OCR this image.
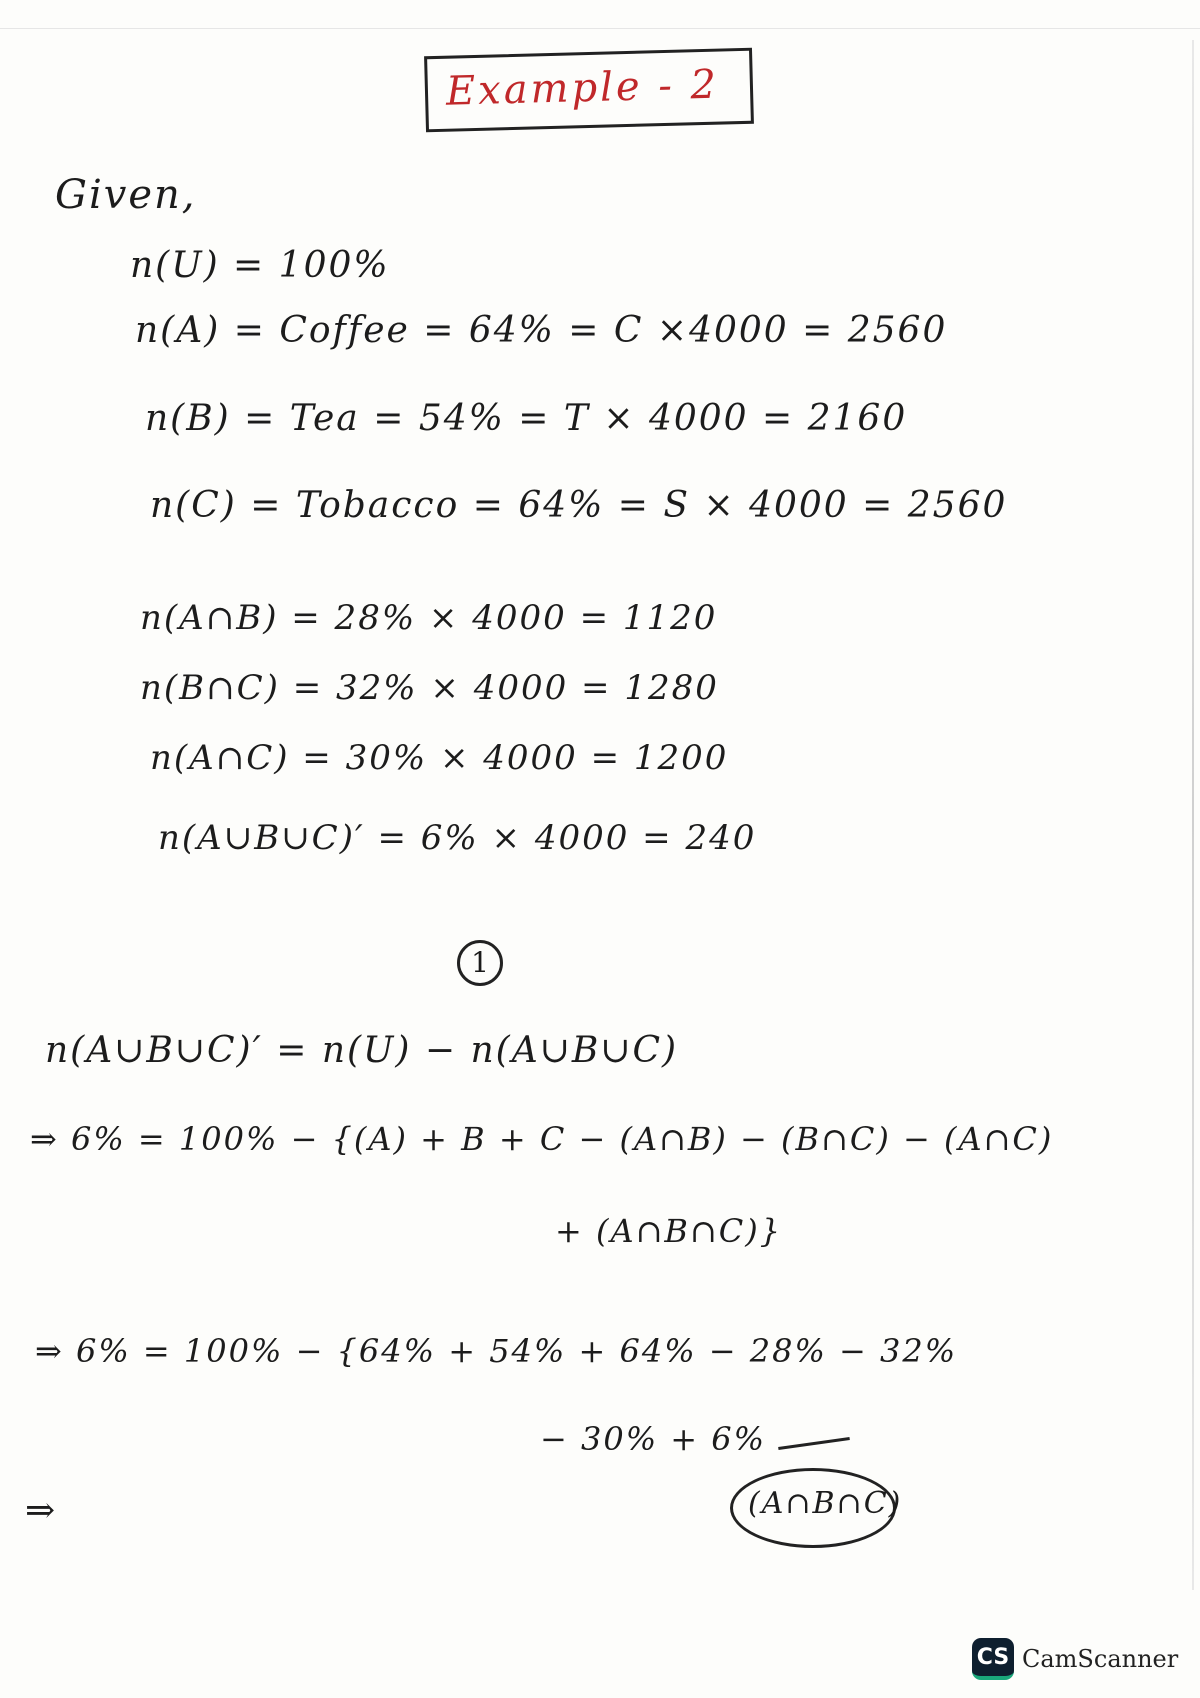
Example - 2
Given,
n(U) = 100%
n(A) = Coffee = 64% = C ×4000 = 2560
n(B) = Tea = 54% = T × 4000 = 2160
n(C) = Tobacco = 64% = S × 4000 = 2560
n(A∩B) = 28% × 4000 = 1120
n(B∩C) = 32% × 4000 = 1280
n(A∩C) = 30% × 4000 = 1200
n(A∪B∪C)′ = 6% × 4000 = 240
1
n(A∪B∪C)′ = n(U) − n(A∪B∪C)
⇒ 6% = 100% − {(A) + B + C − (A∩B) − (B∩C) − (A∩C)
+ (A∩B∩C)}
⇒ 6% = 100% − {64% + 54% + 64% − 28% − 32%
− 30% + 6%
(A∩B∩C)
⇒
CS CamScanner
